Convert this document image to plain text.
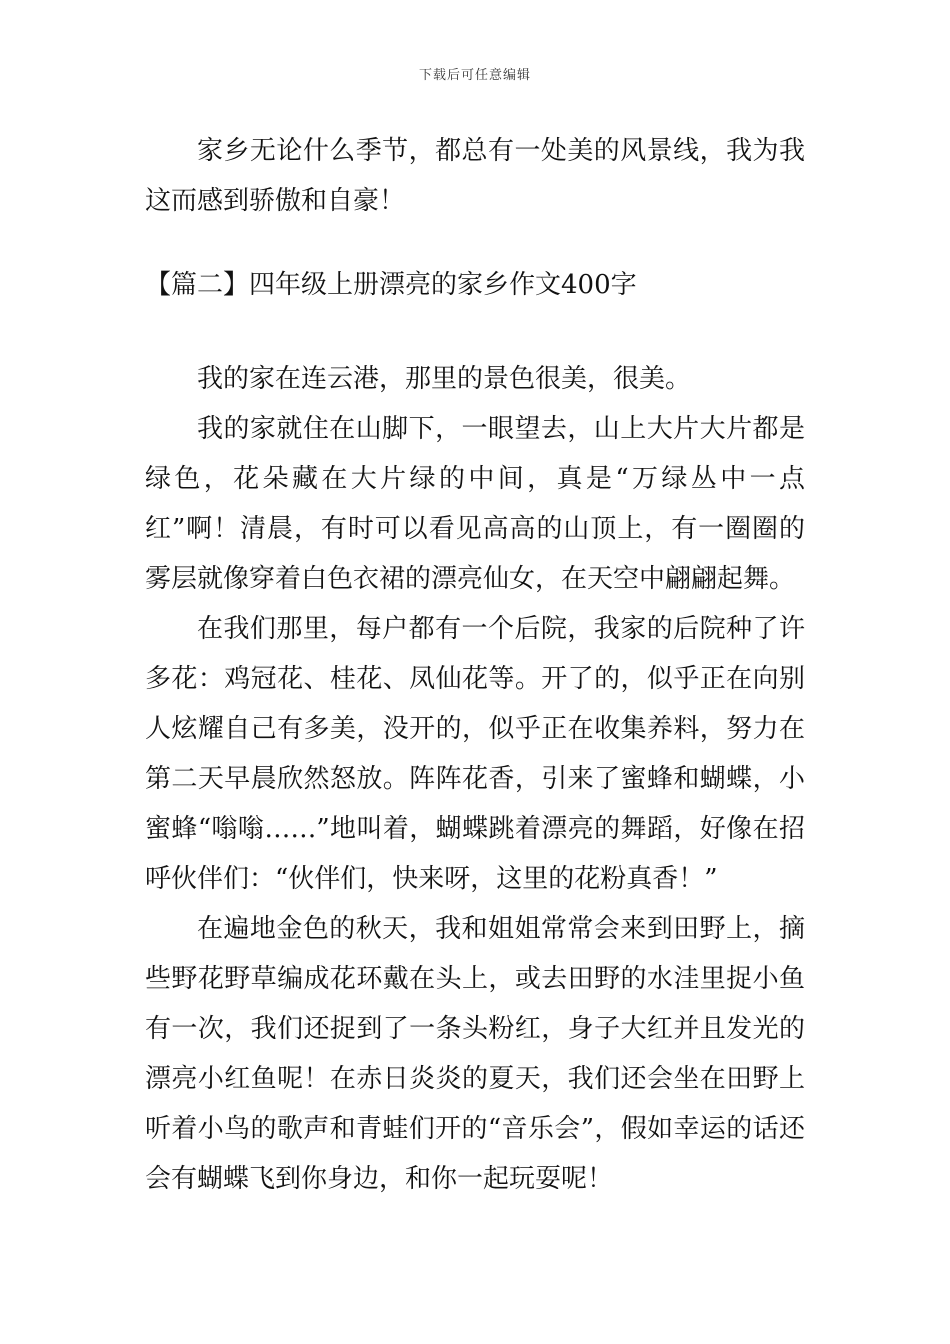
下载后可任意编辑

家乡无论什么季节，都总有一处美的风景线，我为我这而感到骄傲和自豪！

【篇二】四年级上册漂亮的家乡作文400字

我的家在连云港，那里的景色很美，很美。

我的家就住在山脚下，一眼望去，山上大片大片都是绿色，花朵藏在大片绿的中间，真是“万绿丛中一点红”啊！清晨，有时可以看见高高的山顶上，有一圈圈的雾层就像穿着白色衣裙的漂亮仙女，在天空中翩翩起舞。

在我们那里，每户都有一个后院，我家的后院种了许多花：鸡冠花、桂花、凤仙花等。开了的，似乎正在向别人炫耀自己有多美，没开的，似乎正在收集养料，努力在第二天早晨欣然怒放。阵阵花香，引来了蜜蜂和蝴蝶，小蜜蜂“嗡嗡……”地叫着，蝴蝶跳着漂亮的舞蹈，好像在招呼伙伴们：“伙伴们，快来呀，这里的花粉真香！”

在遍地金色的秋天，我和姐姐常常会来到田野上，摘些野花野草编成花环戴在头上，或去田野的水洼里捉小鱼有一次，我们还捉到了一条头粉红，身子大红并且发光的漂亮小红鱼呢！在赤日炎炎的夏天，我们还会坐在田野上听着小鸟的歌声和青蛙们开的“音乐会”，假如幸运的话还会有蝴蝶飞到你身边，和你一起玩耍呢！
